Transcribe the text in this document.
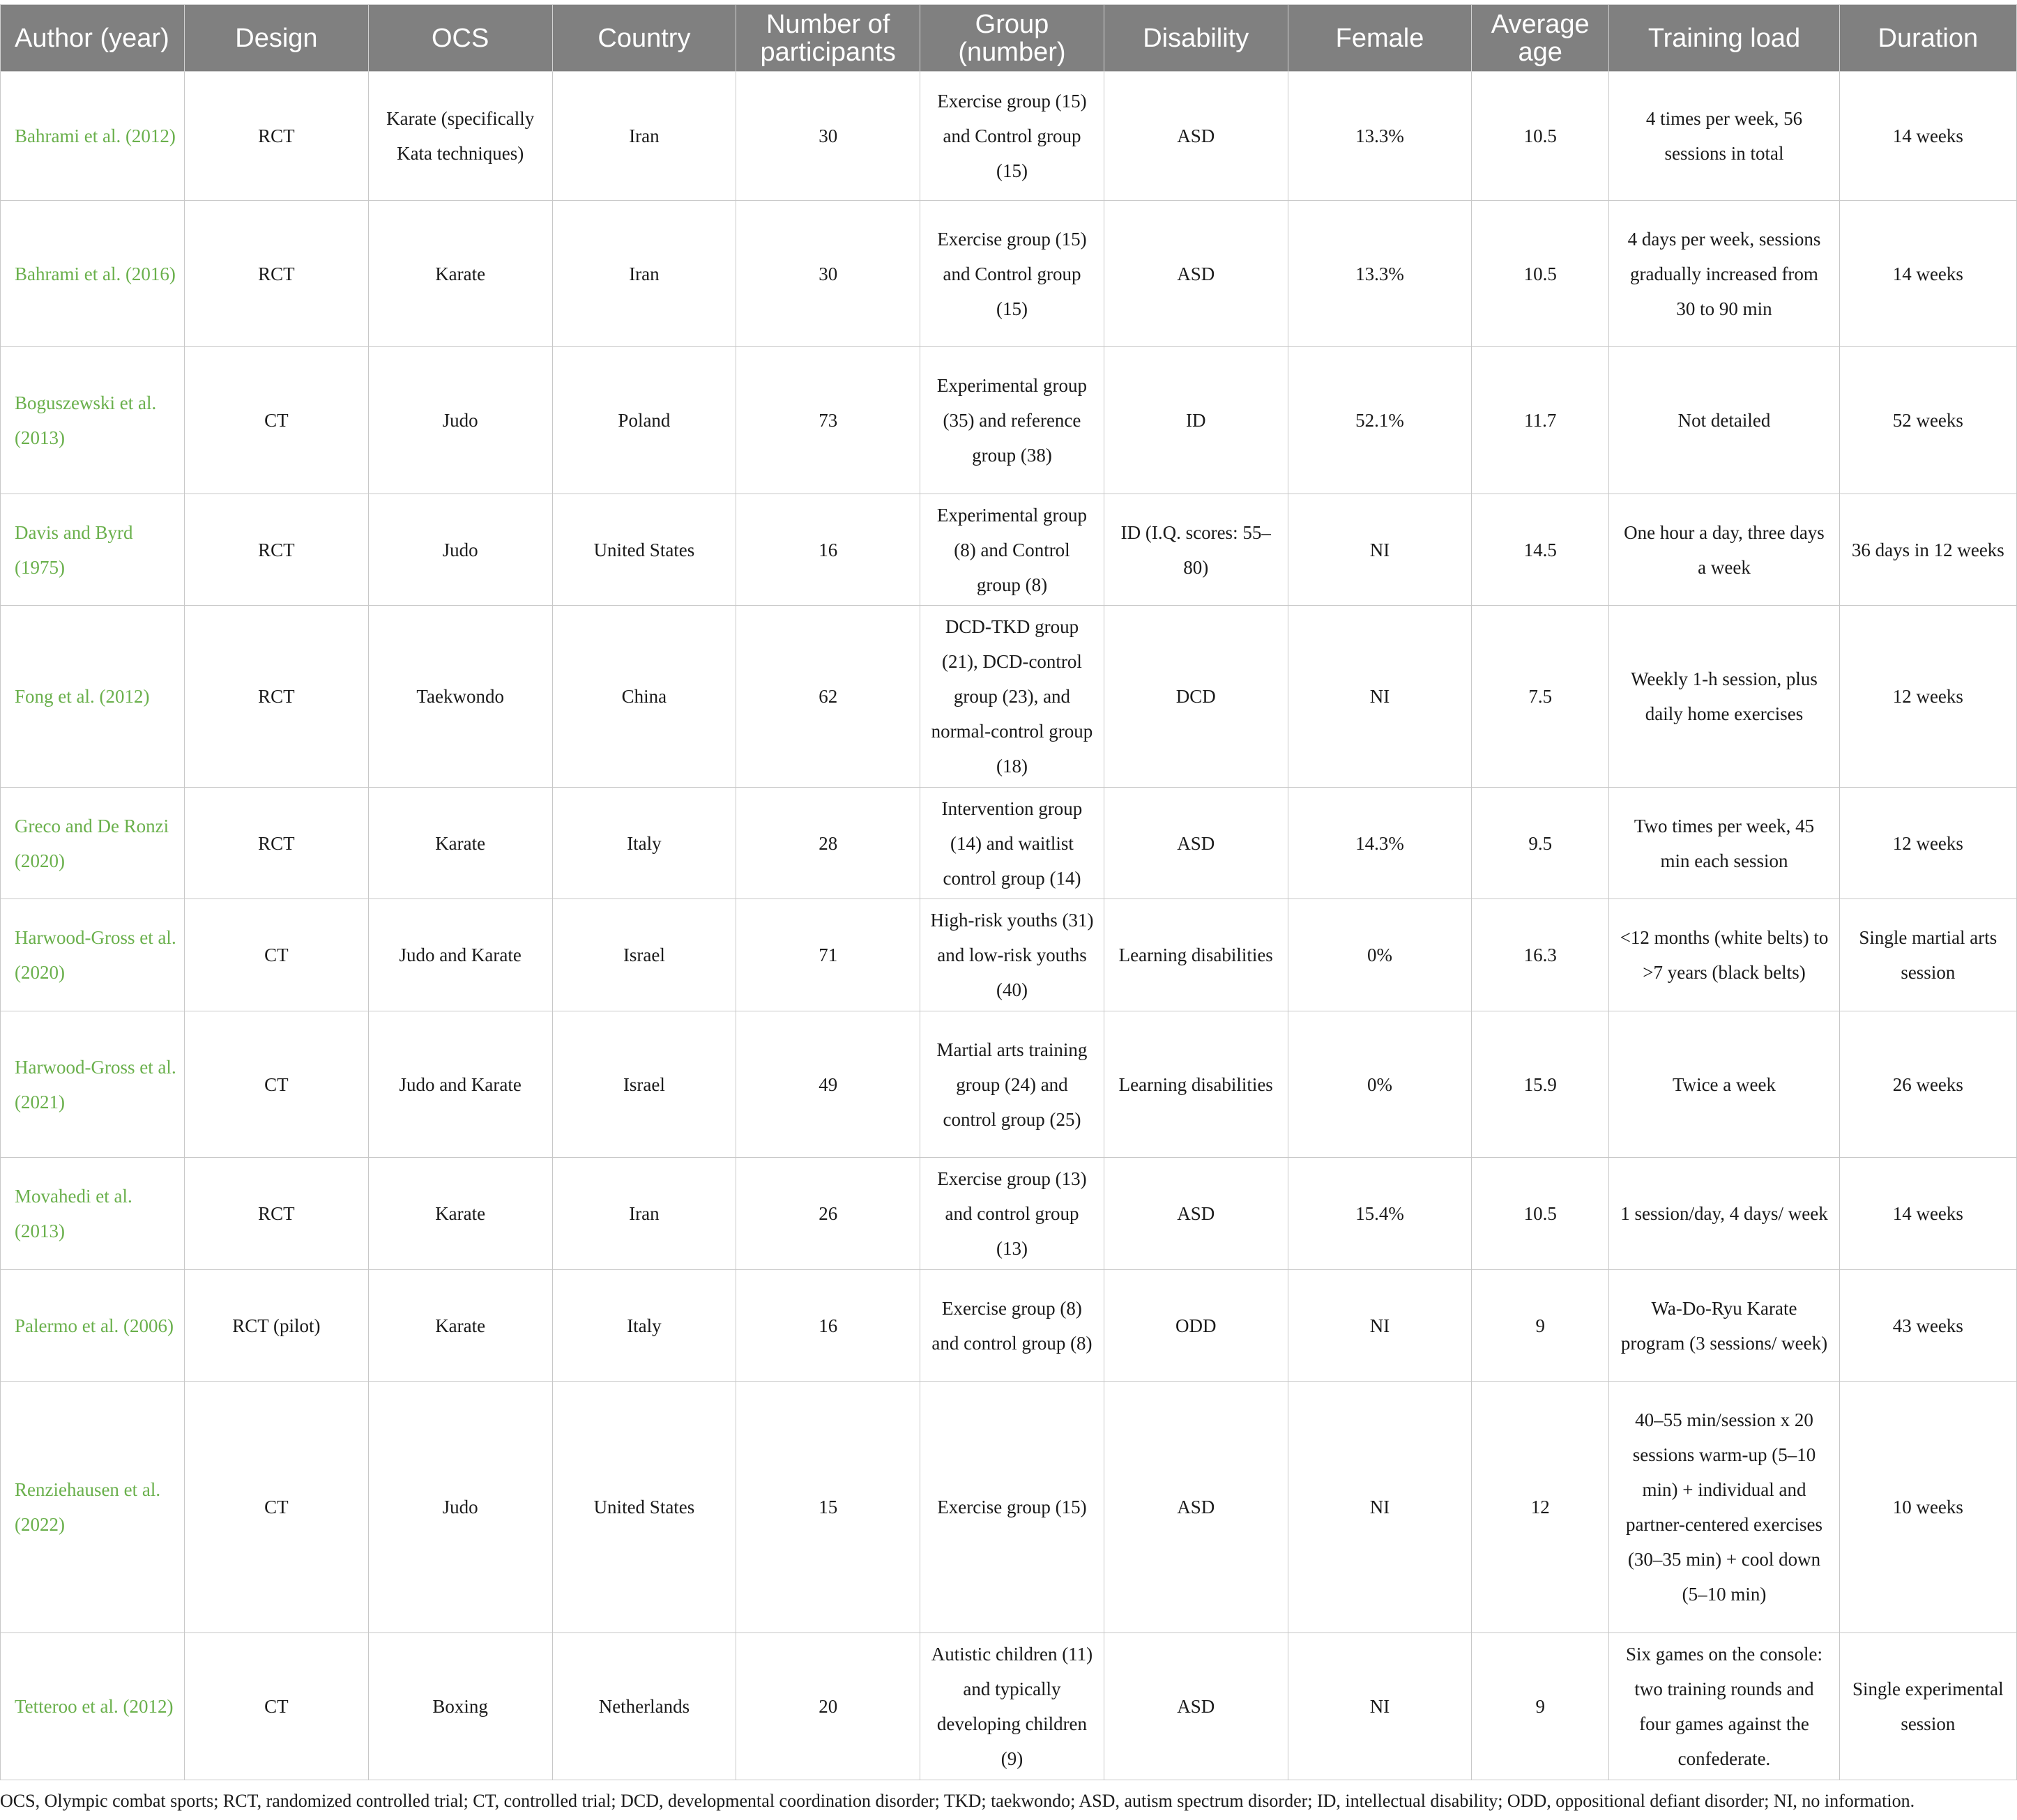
Author (year)	Design	OCS	Country	Number of participants	Group (number)	Disability	Female	Average age	Training load	Duration
Bahrami et al. (2012)	RCT	Karate (specifically Kata techniques)	Iran	30	Exercise group (15) and Control group (15)	ASD	13.3%	10.5	4 times per week, 56 sessions in total	14 weeks
Bahrami et al. (2016)	RCT	Karate	Iran	30	Exercise group (15) and Control group (15)	ASD	13.3%	10.5	4 days per week, sessions gradually increased from 30 to 90 min	14 weeks
Boguszewski et al. (2013)	CT	Judo	Poland	73	Experimental group (35) and reference group (38)	ID	52.1%	11.7	Not detailed	52 weeks
Davis and Byrd (1975)	RCT	Judo	United States	16	Experimental group (8) and Control group (8)	ID (I.Q. scores: 55–80)	NI	14.5	One hour a day, three days a week	36 days in 12 weeks
Fong et al. (2012)	RCT	Taekwondo	China	62	DCD-TKD group (21), DCD-control group (23), and normal-control group (18)	DCD	NI	7.5	Weekly 1-h session, plus daily home exercises	12 weeks
Greco and De Ronzi (2020)	RCT	Karate	Italy	28	Intervention group (14) and waitlist control group (14)	ASD	14.3%	9.5	Two times per week, 45 min each session	12 weeks
Harwood-Gross et al. (2020)	CT	Judo and Karate	Israel	71	High-risk youths (31) and low-risk youths (40)	Learning disabilities	0%	16.3	<12 months (white belts) to >7 years (black belts)	Single martial arts session
Harwood-Gross et al. (2021)	CT	Judo and Karate	Israel	49	Martial arts training group (24) and control group (25)	Learning disabilities	0%	15.9	Twice a week	26 weeks
Movahedi et al. (2013)	RCT	Karate	Iran	26	Exercise group (13) and control group (13)	ASD	15.4%	10.5	1 session/day, 4 days/ week	14 weeks
Palermo et al. (2006)	RCT (pilot)	Karate	Italy	16	Exercise group (8) and control group (8)	ODD	NI	9	Wa-Do-Ryu Karate program (3 sessions/ week)	43 weeks
Renziehausen et al. (2022)	CT	Judo	United States	15	Exercise group (15)	ASD	NI	12	40–55 min/session x 20 sessions warm-up (5–10 min) + individual and partner-centered exercises (30–35 min) + cool down (5–10 min)	10 weeks
Tetteroo et al. (2012)	CT	Boxing	Netherlands	20	Autistic children (11) and typically developing children (9)	ASD	NI	9	Six games on the console: two training rounds and four games against the confederate.	Single experimental session
OCS, Olympic combat sports; RCT, randomized controlled trial; CT, controlled trial; DCD, developmental coordination disorder; TKD; taekwondo; ASD, autism spectrum disorder; ID, intellectual disability; ODD, oppositional defiant disorder; NI, no information.
